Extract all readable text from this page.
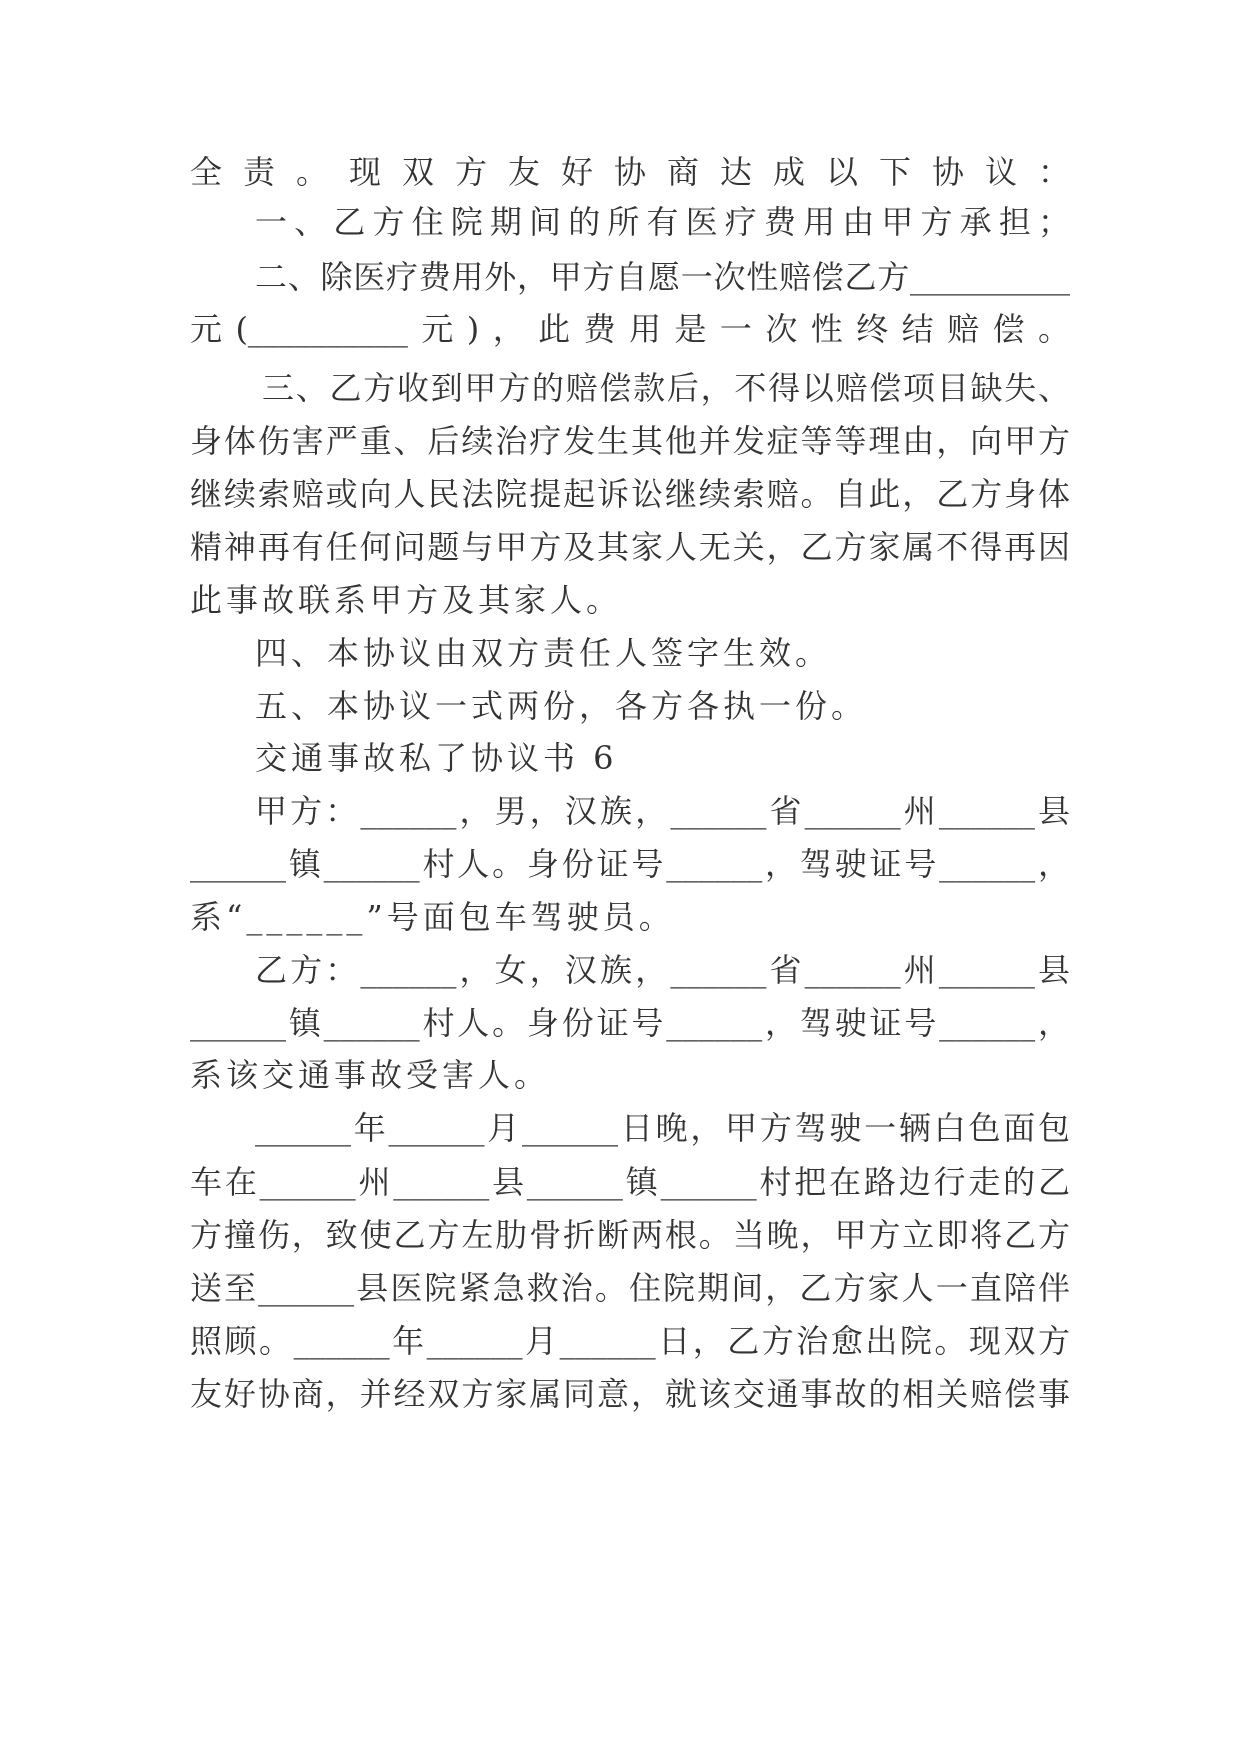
全责。现双方友好协商达成以下协议：
一、乙方住院期间的所有医疗费用由甲方承担；
二、除医疗费用外，甲方自愿一次性赔偿乙方__________
元(__________元)，此费用是一次性终结赔偿。
三、乙方收到甲方的赔偿款后，不得以赔偿项目缺失、
身体伤害严重、后续治疗发生其他并发症等等理由，向甲方
继续索赔或向人民法院提起诉讼继续索赔。自此，乙方身体
精神再有任何问题与甲方及其家人无关，乙方家属不得再因
此事故联系甲方及其家人。
四、本协议由双方责任人签字生效。
五、本协议一式两份，各方各执一份。
交通事故私了协议书 6
甲方：______，男，汉族，______省______州______县
______镇______村人。身份证号______，驾驶证号______，
系“______”号面包车驾驶员。
乙方：______，女，汉族，______省______州______县
______镇______村人。身份证号______，驾驶证号______，
系该交通事故受害人。
______年______月______日晚，甲方驾驶一辆白色面包
车在______州______县______镇______村把在路边行走的乙
方撞伤，致使乙方左肋骨折断两根。当晚，甲方立即将乙方
送至______县医院紧急救治。住院期间，乙方家人一直陪伴
照顾。______年______月______日，乙方治愈出院。现双方
友好协商，并经双方家属同意，就该交通事故的相关赔偿事
